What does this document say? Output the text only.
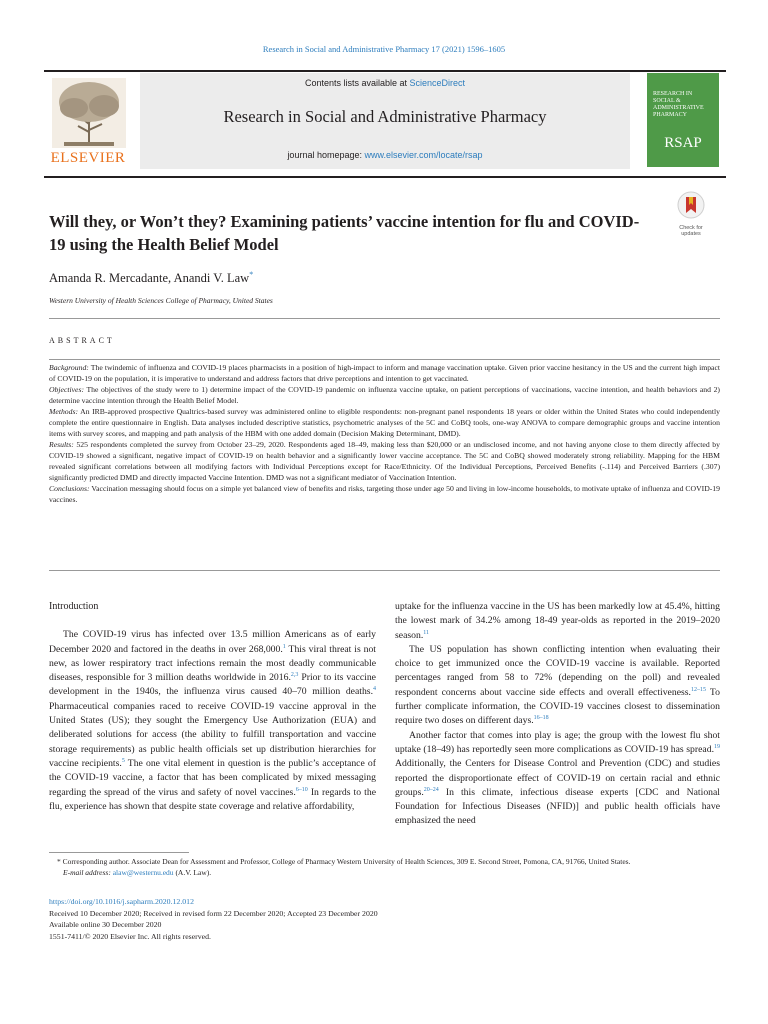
Research in Social and Administrative Pharmacy 17 (2021) 1596–1605
ELSEVIER
Contents lists available at ScienceDirect
Research in Social and Administrative Pharmacy
journal homepage: www.elsevier.com/locate/rsap
RESEARCH IN SOCIAL & ADMINISTRATIVE PHARMACY
RSAP
Will they, or Won’t they? Examining patients’ vaccine intention for flu and COVID-19 using the Health Belief Model
Check for
updates
Amanda R. Mercadante, Anandi V. Law*
Western University of Health Sciences College of Pharmacy, United States
ABSTRACT

Background: The twindemic of influenza and COVID-19 places pharmacists in a position of high-impact to inform and manage vaccination uptake. Given prior vaccine hesitancy in the US and the current high impact of COVID-19 on the population, it is imperative to understand and address factors that drive perceptions and intention to get vaccinated.

Objectives: The objectives of the study were to 1) determine impact of the COVID-19 pandemic on influenza vaccine uptake, on patient perceptions of vaccinations, vaccine intention, and health behaviors and 2) determine vaccine intention through the Health Belief Model.

Methods: An IRB-approved prospective Qualtrics-based survey was administered online to eligible respondents: non-pregnant panel respondents 18 years or older within the United States who could independently complete the entire questionnaire in English. Data analyses included descriptive statistics, psychometric analyses of the 5C and CoBQ tools, one-way ANOVA to compare demographic groups and vaccine intention items with survey scores, and mapping and path analysis of the HBM with one added domain (Decision Making Determinant, DMD).

Results: 525 respondents completed the survey from October 23–29, 2020. Respondents aged 18–49, making less than $20,000 or an undisclosed income, and not having anyone close to them directly affected by COVID-19 showed a significant, negative impact of COVID-19 on health behavior and a significantly lower vaccine acceptance. The 5C and CoBQ showed moderately strong reliability. Mapping for the HBM revealed significant correlations between all modifying factors with Individual Perceptions except for Race/Ethnicity. Of the Individual Perceptions, Perceived Benefits (-.114) and Perceived Barriers (.307) significantly predicted DMD and directly impacted Vaccine Intention. DMD was not a significant mediator of Vaccination Intention.

Conclusions: Vaccination messaging should focus on a simple yet balanced view of benefits and risks, targeting those under age 50 and living in low-income households, to motivate uptake of influenza and COVID-19 vaccines.

Introduction

The COVID-19 virus has infected over 13.5 million Americans as of early December 2020 and factored in the deaths in over 268,000.$^1$ This viral threat is not new, as lower respiratory tract infections remain the most deadly communicable diseases, responsible for 3 million deaths worldwide in 2016.$^{2,3}$ Prior to its vaccine development in the 1940s, the influenza virus caused 40–70 million deaths.$^4$ Pharmaceutical companies raced to receive COVID-19 vaccine approval in the United States (US); they sought the Emergency Use Authorization (EUA) and deliberated solutions for access (the ability to fulfill transportation and vaccine storage requirements) as public health officials set up distribution hierarchies for vaccine recipients.$^5$ The one vital element in question is the public’s acceptance of the COVID-19 vaccine, a factor that has been complicated by mixed messaging regarding the spread of the virus and safety of novel vaccines.$^{6-10}$ In regards to the flu, experience has shown that despite state coverage and relative affordability,

uptake for the influenza vaccine in the US has been markedly low at 45.4%, hitting the lowest mark of 34.2% among 18-49 year-olds as reported in the 2019–2020 season.$^{11}$

The US population has shown conflicting intention when evaluating their choice to get immunized once the COVID-19 vaccine is available. Reported percentages ranged from 58 to 72% (depending on the poll) and revealed respondent concerns about vaccine side effects and overall effectiveness.$^{12-15}$ To further complicate information, the COVID-19 vaccines closest to dissemination require two doses on different days.$^{16-18}$

Another factor that comes into play is age; the group with the lowest flu shot uptake (18–49) has reportedly seen more complications as COVID-19 has spread.$^{19}$ Additionally, the Centers for Disease Control and Prevention (CDC) and studies reported the disproportionate effect of COVID-19 on certain racial and ethnic groups.$^{20-24}$ In this climate, infectious disease experts [CDC and National Foundation for Infectious Diseases (NFID)] and public health officials have emphasized the need

* Corresponding author. Associate Dean for Assessment and Professor, College of Pharmacy Western University of Health Sciences, 309 E. Second Street, Pomona, CA, 91766, United States.
E-mail address: alaw@westernu.edu (A.V. Law).
https://doi.org/10.1016/j.sapharm.2020.12.012
Received 10 December 2020; Received in revised form 22 December 2020; Accepted 23 December 2020
Available online 30 December 2020
1551-7411/© 2020 Elsevier Inc. All rights reserved.
